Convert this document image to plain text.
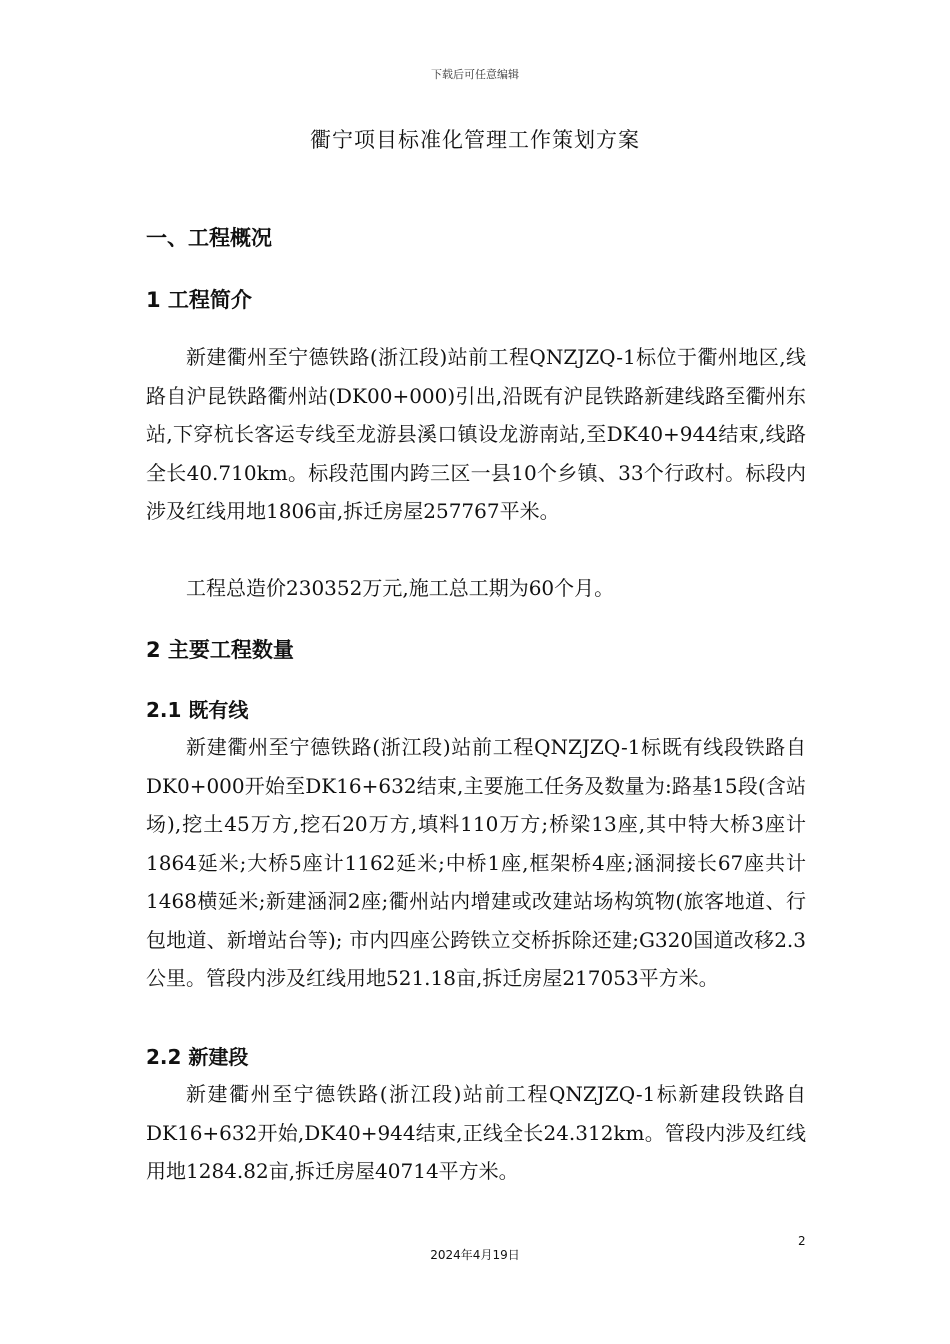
下载后可任意编辑
衢宁项目标准化管理工作策划方案
一、工程概况
1 工程简介

新建衢州至宁德铁路(浙江段)站前工程QNZJZQ-1标位于衢州地区,线路自沪昆铁路衢州站(DK00+000)引出,沿既有沪昆铁路新建线路至衢州东站,下穿杭长客运专线至龙游县溪口镇设龙游南站,至DK40+944结束,线路全长40.710km。标段范围内跨三区一县10个乡镇、33个行政村。标段内涉及红线用地1806亩,拆迁房屋257767平米。

工程总造价230352万元,施工总工期为60个月。

2 主要工程数量
2.1 既有线

新建衢州至宁德铁路(浙江段)站前工程QNZJZQ-1标既有线段铁路自DK0+000开始至DK16+632结束,主要施工任务及数量为:路基15段(含站场),挖土45万方,挖石20万方,填料110万方;桥梁13座,其中特大桥3座计1864延米;大桥5座计1162延米;中桥1座,框架桥4座;涵洞接长67座共计1468横延米;新建涵洞2座;衢州站内增建或改建站场构筑物(旅客地道、行包地道、新增站台等); 市内四座公跨铁立交桥拆除还建;G320国道改移2.3公里。管段内涉及红线用地521.18亩,拆迁房屋217053平方米。

2.2 新建段

新建衢州至宁德铁路(浙江段)站前工程QNZJZQ-1标新建段铁路自DK16+632开始,DK40+944结束,正线全长24.312km。管段内涉及红线用地1284.82亩,拆迁房屋40714平方米。

2
2024年4月19日
